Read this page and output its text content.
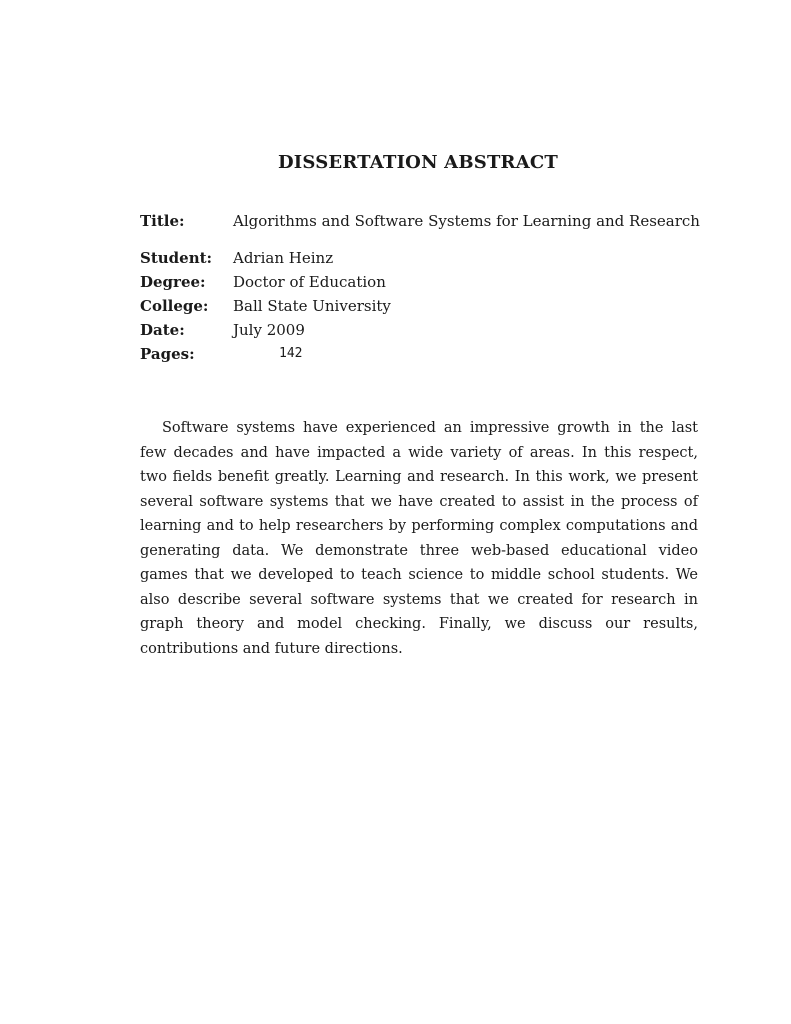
DISSERTATION ABSTRACT
Title:	Algorithms and Software Systems for Learning and Research
Student: Adrian Heinz
Degree: Doctor of Education
College: Ball State University
Date:	July 2009
Pages:	142

Software systems have experienced an impressive growth in the last few decades and have impacted a wide variety of areas. In this respect, two fields benefit greatly. Learning and research. In this work, we present several software systems that we have created to assist in the process of learning and to help researchers by performing complex computations and generating data. We demonstrate three web-based educational video games that we developed to teach science to middle school students. We also describe several software systems that we created for research in graph theory and model checking. Finally, we discuss our results, contributions and future directions.
